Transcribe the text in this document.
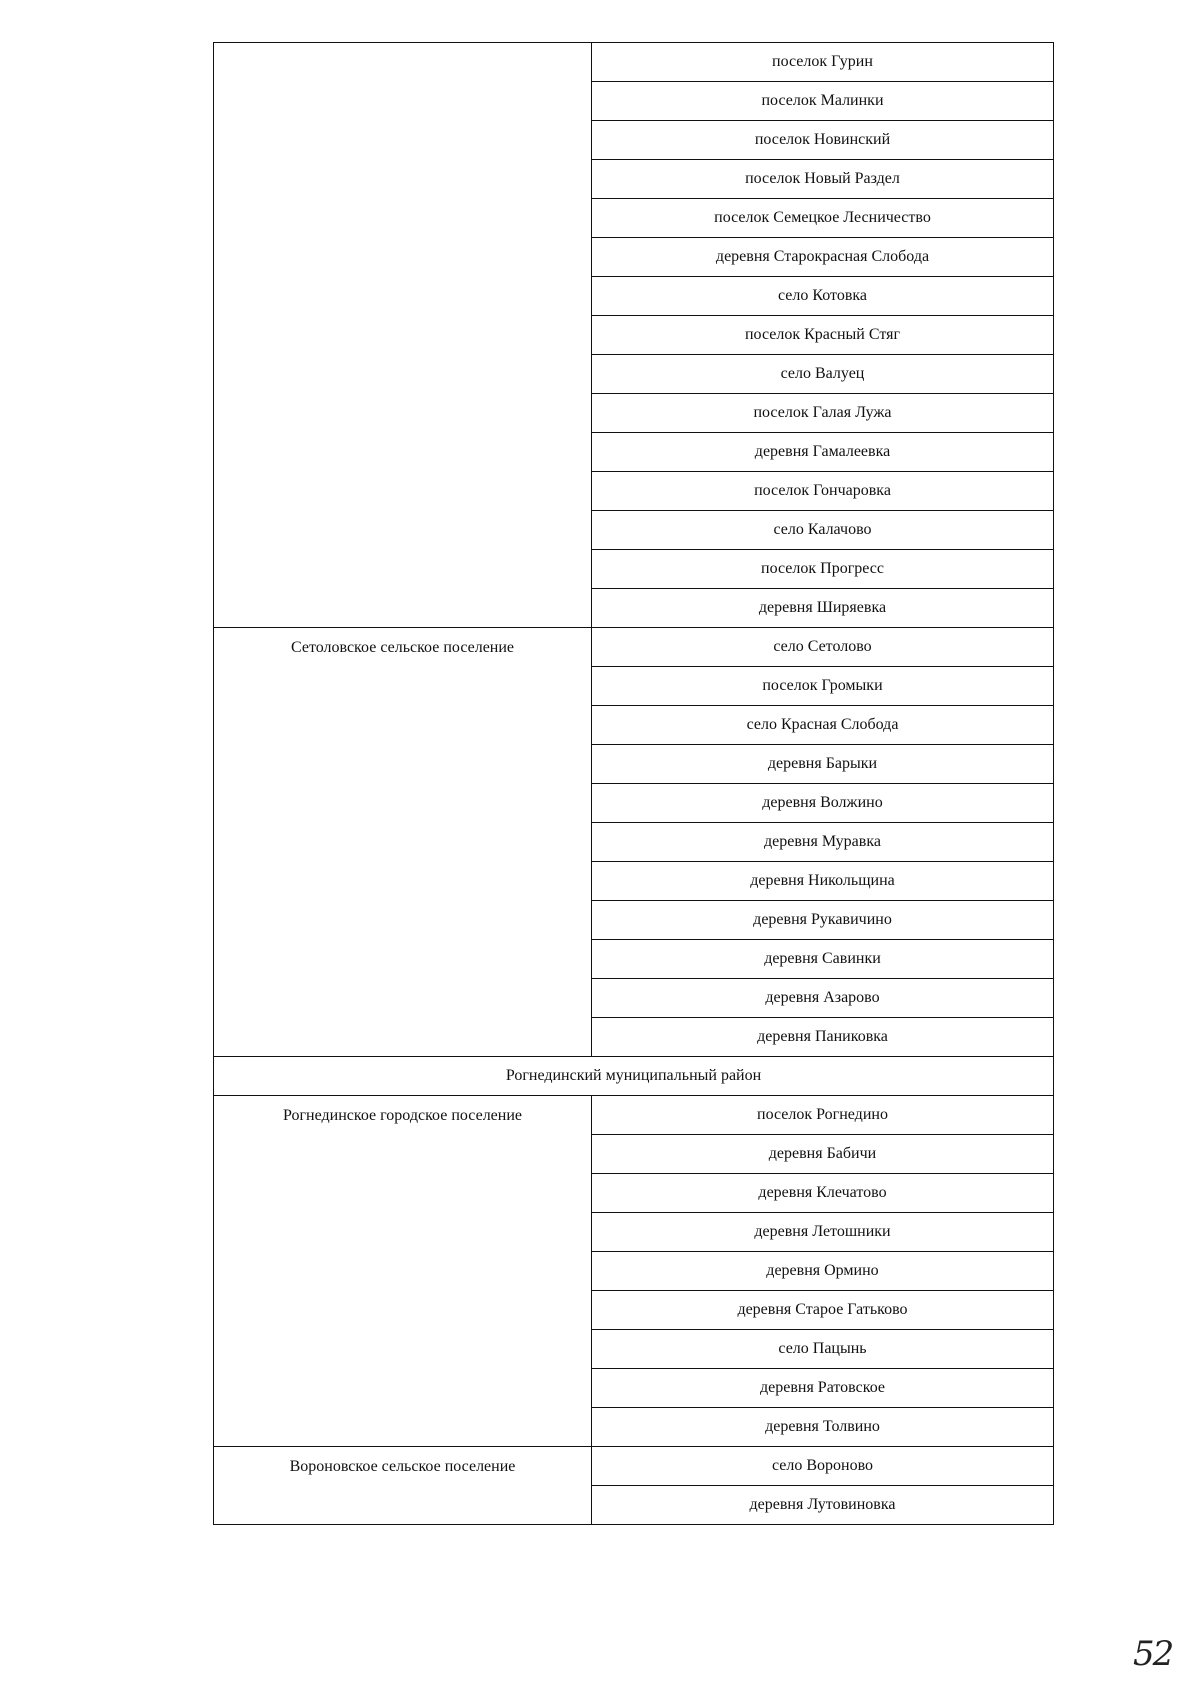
	поселок Гурин
	поселок Малинки
	поселок Новинский
	поселок Новый Раздел
	поселок Семецкое Лесничество
	деревня Старокрасная Слобода
	село Котовка
	поселок Красный Стяг
	село Валуец
	поселок Галая Лужа
	деревня Гамалеевка
	поселок Гончаровка
	село Калачово
	поселок Прогресс
	деревня Ширяевка
Сетоловское сельское поселение	село Сетолово
	поселок Громыки
	село Красная Слобода
	деревня Барыки
	деревня Волжино
	деревня Муравка
	деревня Никольщина
	деревня Рукавичино
	деревня Савинки
	деревня Азарово
	деревня Паниковка
Рогнединский муниципальный район	
Рогнединское городское поселение	поселок Рогнедино
	деревня Бабичи
	деревня Клечатово
	деревня Летошники
	деревня Ормино
	деревня Старое Гатьково
	село Пацынь
	деревня Ратовское
	деревня Толвино
Вороновское сельское поселение	село Вороново
	деревня Лутовиновка
52
